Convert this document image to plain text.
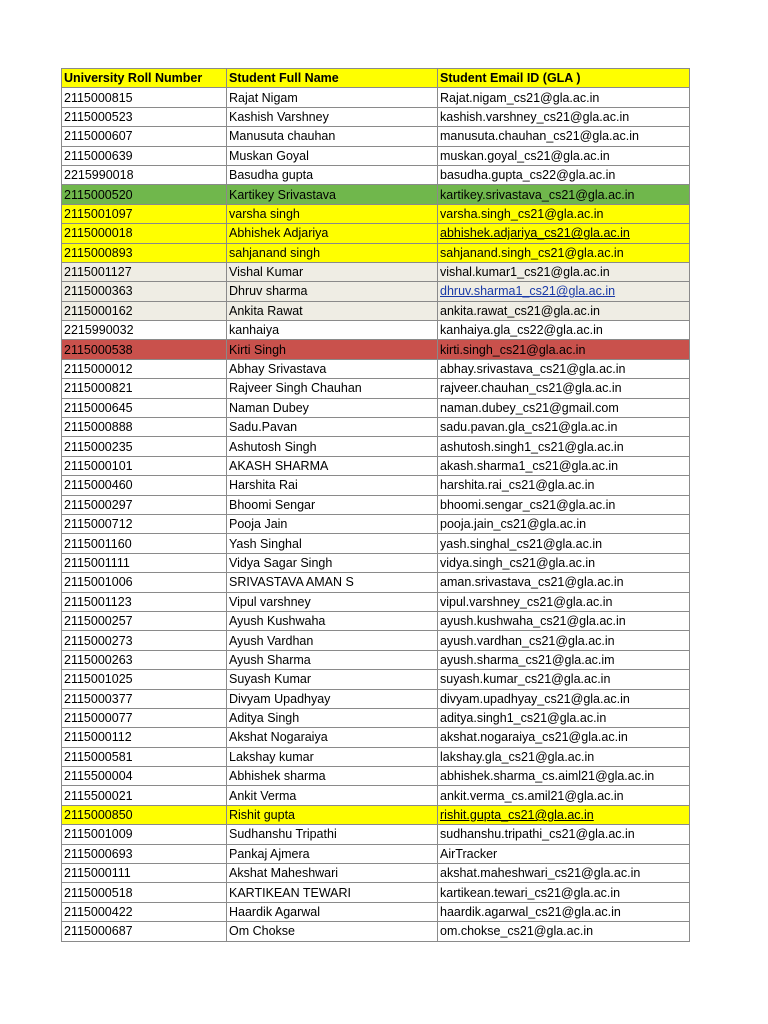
University Roll Number	Student Full Name	Student Email ID (GLA )
2115000815	Rajat Nigam	Rajat.nigam_cs21@gla.ac.in
2115000523	Kashish Varshney	kashish.varshney_cs21@gla.ac.in
2115000607	Manusuta chauhan	manusuta.chauhan_cs21@gla.ac.in
2115000639	Muskan Goyal	muskan.goyal_cs21@gla.ac.in
2215990018	Basudha gupta	basudha.gupta_cs22@gla.ac.in
2115000520	Kartikey Srivastava	kartikey.srivastava_cs21@gla.ac.in
2115001097	varsha singh	varsha.singh_cs21@gla.ac.in
2115000018	Abhishek Adjariya	abhishek.adjariya_cs21@gla.ac.in
2115000893	sahjanand singh	sahjanand.singh_cs21@gla.ac.in
2115001127	Vishal Kumar	vishal.kumar1_cs21@gla.ac.in
2115000363	Dhruv sharma	dhruv.sharma1_cs21@gla.ac.in
2115000162	Ankita Rawat	ankita.rawat_cs21@gla.ac.in
2215990032	kanhaiya	kanhaiya.gla_cs22@gla.ac.in
2115000538	Kirti Singh	kirti.singh_cs21@gla.ac.in
2115000012	Abhay Srivastava	abhay.srivastava_cs21@gla.ac.in
2115000821	Rajveer Singh Chauhan	rajveer.chauhan_cs21@gla.ac.in
2115000645	Naman Dubey	naman.dubey_cs21@gmail.com
2115000888	Sadu.Pavan	sadu.pavan.gla_cs21@gla.ac.in
2115000235	Ashutosh Singh	ashutosh.singh1_cs21@gla.ac.in
2115000101	AKASH SHARMA	akash.sharma1_cs21@gla.ac.in
2115000460	Harshita Rai	harshita.rai_cs21@gla.ac.in
2115000297	Bhoomi Sengar	bhoomi.sengar_cs21@gla.ac.in
2115000712	Pooja Jain	pooja.jain_cs21@gla.ac.in
2115001160	Yash Singhal	yash.singhal_cs21@gla.ac.in
2115001111	Vidya Sagar Singh	vidya.singh_cs21@gla.ac.in
2115001006	SRIVASTAVA AMAN S	aman.srivastava_cs21@gla.ac.in
2115001123	Vipul varshney	vipul.varshney_cs21@gla.ac.in
2115000257	Ayush Kushwaha	ayush.kushwaha_cs21@gla.ac.in
2115000273	Ayush Vardhan	ayush.vardhan_cs21@gla.ac.in
2115000263	Ayush Sharma	ayush.sharma_cs21@gla.ac.im
2115001025	Suyash Kumar	suyash.kumar_cs21@gla.ac.in
2115000377	Divyam Upadhyay	divyam.upadhyay_cs21@gla.ac.in
2115000077	Aditya Singh	aditya.singh1_cs21@gla.ac.in
2115000112	Akshat Nogaraiya	akshat.nogaraiya_cs21@gla.ac.in
2115000581	Lakshay kumar	lakshay.gla_cs21@gla.ac.in
2115500004	Abhishek sharma	abhishek.sharma_cs.aiml21@gla.ac.in
2115500021	Ankit Verma	ankit.verma_cs.amil21@gla.ac.in
2115000850	Rishit gupta	rishit.gupta_cs21@gla.ac.in
2115001009	Sudhanshu Tripathi	sudhanshu.tripathi_cs21@gla.ac.in
2115000693	Pankaj Ajmera	AirTracker
2115000111	Akshat Maheshwari	akshat.maheshwari_cs21@gla.ac.in
2115000518	KARTIKEAN TEWARI	kartikean.tewari_cs21@gla.ac.in
2115000422	Haardik Agarwal	haardik.agarwal_cs21@gla.ac.in
2115000687	Om Chokse	om.chokse_cs21@gla.ac.in
